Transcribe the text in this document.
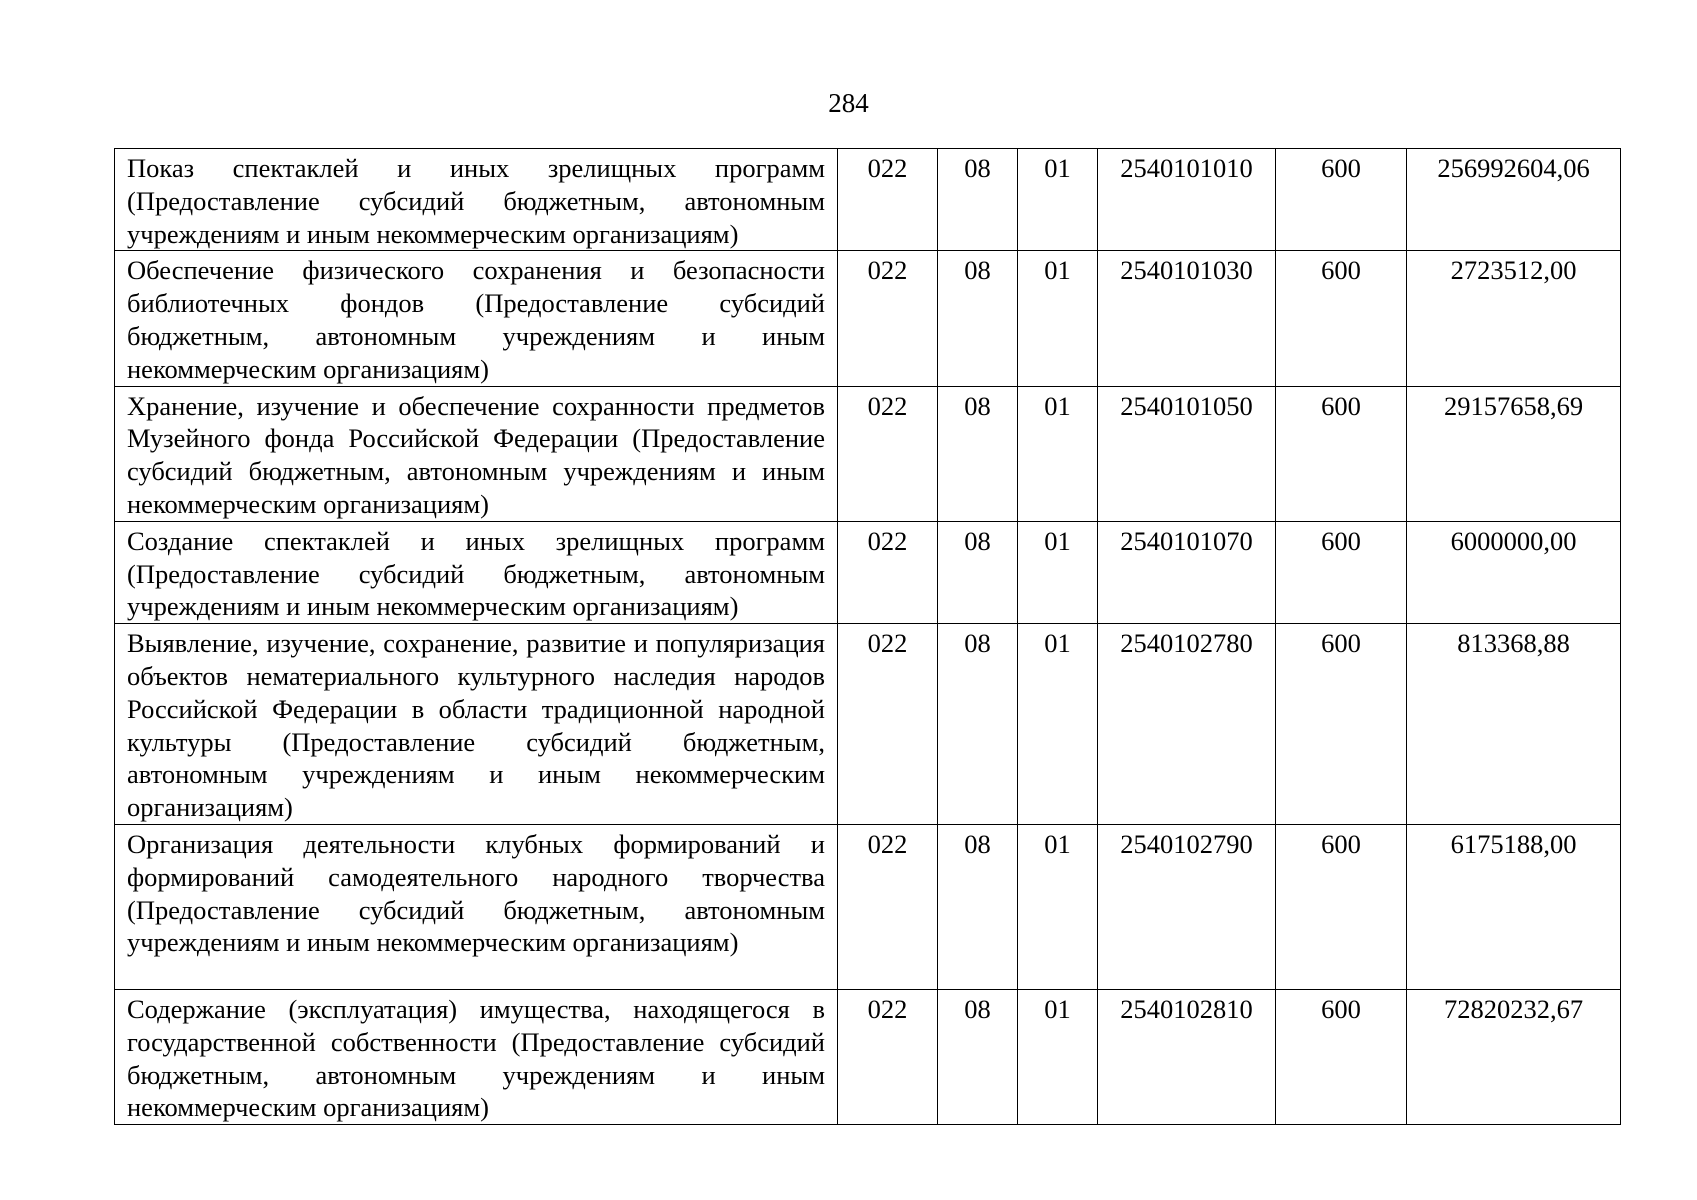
284
Показ спектаклей и иных зрелищных программ (Предоставление субсидий бюджетным, автономным учреждениям и иным некоммерческим организациям)	022	08	01	2540101010	600	256992604,06
Обеспечение физического сохранения и безопасности библиотечных фондов (Предоставление субсидий бюджетным, автономным учреждениям и иным некоммерческим организациям)	022	08	01	2540101030	600	2723512,00
Хранение, изучение и обеспечение сохранности предметов Музейного фонда Российской Федерации (Предоставление субсидий бюджетным, автономным учреждениям и иным некоммерческим организациям)	022	08	01	2540101050	600	29157658,69
Создание спектаклей и иных зрелищных программ (Предоставление субсидий бюджетным, автономным учреждениям и иным некоммерческим организациям)	022	08	01	2540101070	600	6000000,00
Выявление, изучение, сохранение, развитие и популяризация объектов нематериального культурного наследия народов Российской Федерации в области традиционной народной культуры (Предоставление субсидий бюджетным, автономным учреждениям и иным некоммерческим организациям)	022	08	01	2540102780	600	813368,88
Организация деятельности клубных формирований и формирований самодеятельного народного творчества (Предоставление субсидий бюджетным, автономным учреждениям и иным некоммерческим организациям)	022	08	01	2540102790	600	6175188,00
Содержание (эксплуатация) имущества, находящегося в государственной собственности (Предоставление субсидий бюджетным, автономным учреждениям и иным некоммерческим организациям)	022	08	01	2540102810	600	72820232,67
